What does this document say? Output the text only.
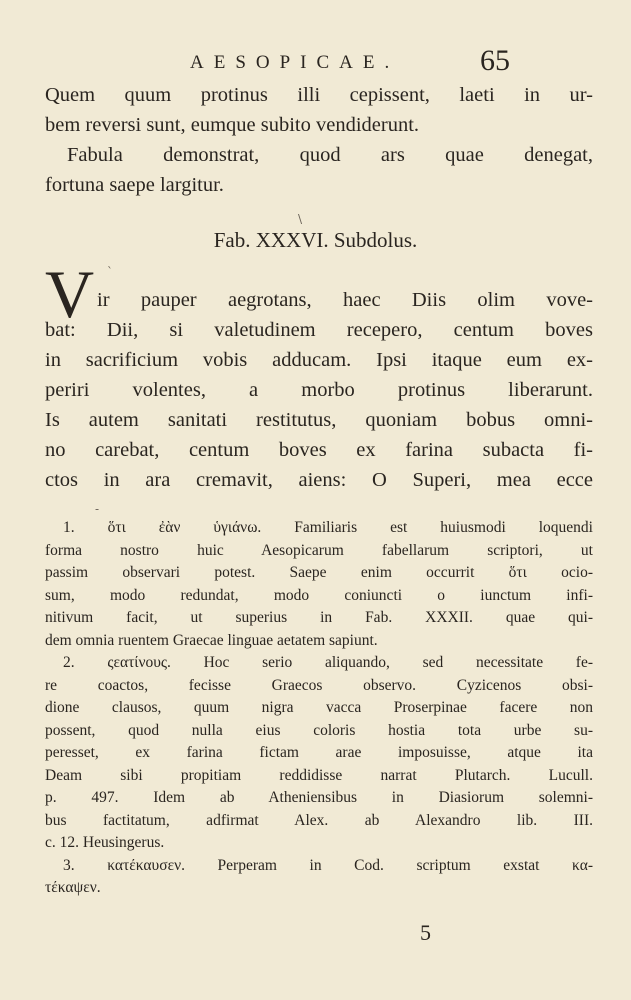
AESOPICAE.	65
Quem quum protinus illi cepissent, laeti in ur-
bem reversi sunt, eumque subito vendiderunt.
Fabula demonstrat, quod ars quae denegat,
fortuna saepe largitur.
Fab. XXXVI. Subdolus.
V ir pauper aegrotans, haec Diis olim vove-
bat: Dii, si valetudinem recepero, centum boves
in sacrificium vobis adducam. Ipsi itaque eum ex-
periri volentes, a morbo protinus liberarunt.
Is autem sanitati restitutus, quoniam bobus omni-
no carebat, centum boves ex farina subacta fi-
ctos in ara cremavit, aiens: O Superi, mea ecce
1. ὅτι ἐὰν ὑγιάνω. Familiaris est huiusmodi loquendi
forma nostro huic Aesopicarum fabellarum scriptori, ut
passim observari potest. Saepe enim occurrit ὅτι ocio-
sum, modo redundat, modo coniuncti o iunctum infi-
nitivum facit, ut superius in Fab. XXXII. quae qui-
dem omnia ruentem Graecae linguae aetatem sapiunt.
2. ςεατίνους. Hoc serio aliquando, sed necessitate fe-
re coactos, fecisse Graecos observo. Cyzicenos obsi-
dione clausos, quum nigra vacca Proserpinae facere non
possent, quod nulla eius coloris hostia tota urbe su-
peresset, ex farina fictam arae imposuisse, atque ita
Deam sibi propitiam reddidisse narrat Plutarch. Lucull.
p. 497. Idem ab Atheniensibus in Diasiorum solemni-
bus factitatum, adfirmat Alex. ab Alexandro lib. III.
c. 12. Heusingerus.
3. κατέκαυσεν. Perperam in Cod. scriptum exstat κα-
τέκαψεν.
5
\
`
-
